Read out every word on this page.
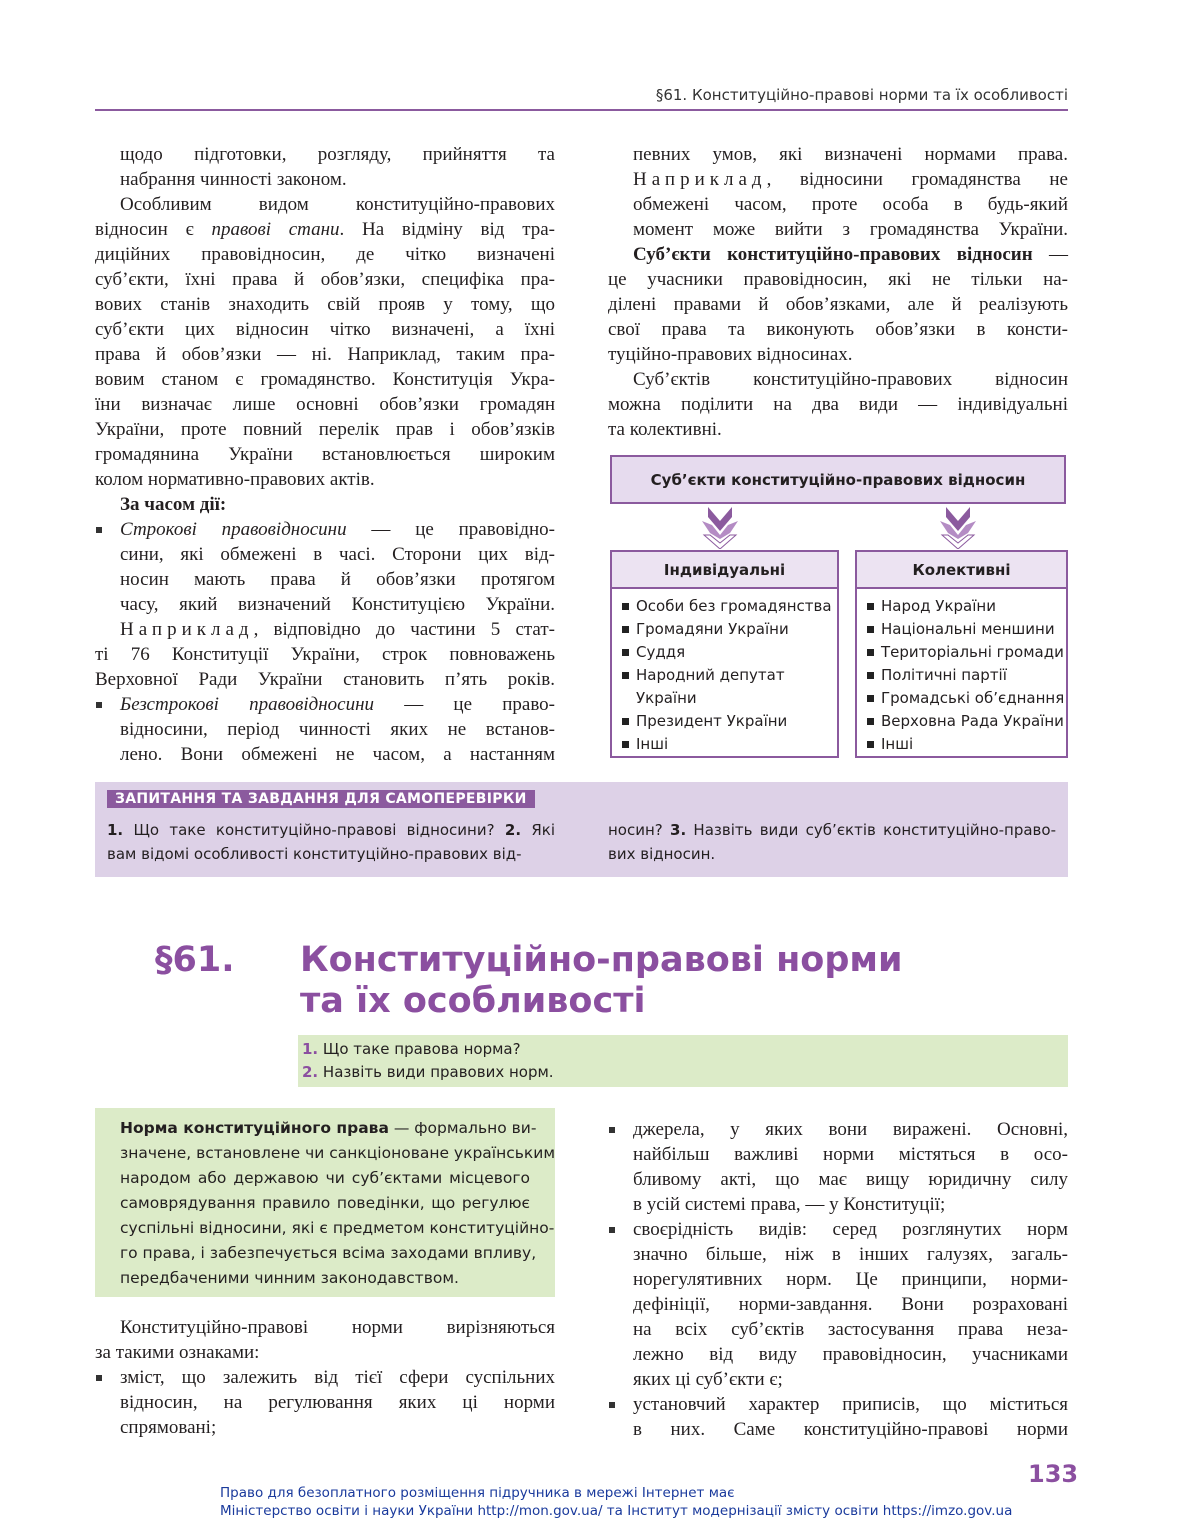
§61. Конституційно-правові норми та їх особливості
щодо підготовки, розгляду, прийняття та
набрання чинності законом.
Особливим видом конституційно-правових
відносин є правові стани. На відміну від тра-
диційних правовідносин, де чітко визначені
суб’єкти, їхні права й обов’язки, специфіка пра-
вових станів знаходить свій прояв у тому, що
суб’єкти цих відносин чітко визначені, а їхні
права й обов’язки — ні. Наприклад, таким пра-
вовим станом є громадянство. Конституція Укра-
їни визначає лише основні обов’язки громадян
України, проте повний перелік прав і обов’язків
громадянина України встановлюється широким
колом нормативно-правових актів.
За часом дії:
Строкові правовідносини — це правовідно-
сини, які обмежені в часі. Сторони цих від-
носин мають права й обов’язки протягом
часу, який визначений Конституцією України.
Наприклад, відповідно до частини 5 стат-
ті 76 Конституції України, строк повноважень
Верховної Ради України становить п’ять років.
Безстрокові правовідносини — це право-
відносини, період чинності яких не встанов-
лено. Вони обмежені не часом, а настанням
певних умов, які визначені нормами права.
Наприклад, відносини громадянства не
обмежені часом, проте особа в будь-який
момент може вийти з громадянства України.
Суб’єкти конституційно-правових відносин —
це учасники правовідносин, які не тільки на-
ділені правами й обов’язками, але й реалізують
свої права та виконують обов’язки в консти-
туційно-правових відносинах.
Суб’єктів конституційно-правових відносин
можна поділити на два види — індивідуальні
та колективні.
Суб’єкти конституційно-правових відносин
Індивідуальні
Особи без громадянства
Громадяни України
Суддя
Народний депутат України
Президент України
Інші
Колективні
Народ України
Національні меншини
Територіальні громади
Політичні партії
Громадські об’єднання
Верховна Рада України
Інші
ЗАПИТАННЯ ТА ЗАВДАННЯ ДЛЯ САМОПЕРЕВІРКИ
1. Що таке конституційно-правові відносини? 2. Які
вам відомі особливості конституційно-правових від-
носин? 3. Назвіть види суб’єктів конституційно-право-
вих відносин.
§61. Конституційно-правові норми
та їх особливості
1. Що таке правова норма?
2. Назвіть види правових норм.
Норма конституційного права — формально ви-
значене, встановлене чи санкціоноване українським
народом або державою чи суб’єктами місцевого
самоврядування правило поведінки, що регулює
суспільні відносини, які є предметом конституційно-
го права, і забезпечується всіма заходами впливу,
передбаченими чинним законодавством.
Конституційно-правові норми вирізняються
за такими ознаками:
зміст, що залежить від тієї сфери суспільних
відносин, на регулювання яких ці норми
спрямовані;
джерела, у яких вони виражені. Основні,
найбільш важливі норми містяться в осо-
бливому акті, що має вищу юридичну силу
в усій системі права, — у Конституції;
своєрідність видів: серед розглянутих норм
значно більше, ніж в інших галузях, загаль-
норегулятивних норм. Це принципи, норми-
дефініції, норми-завдання. Вони розраховані
на всіх суб’єктів застосування права неза-
лежно від виду правовідносин, учасниками
яких ці суб’єкти є;
установчий характер приписів, що міститься
в них. Саме конституційно-правові норми
133
Право для безоплатного розміщення підручника в мережі Інтернет має
Міністерство освіти і науки України http://mon.gov.ua/ та Інститут модернізації змісту освіти https://imzo.gov.ua
